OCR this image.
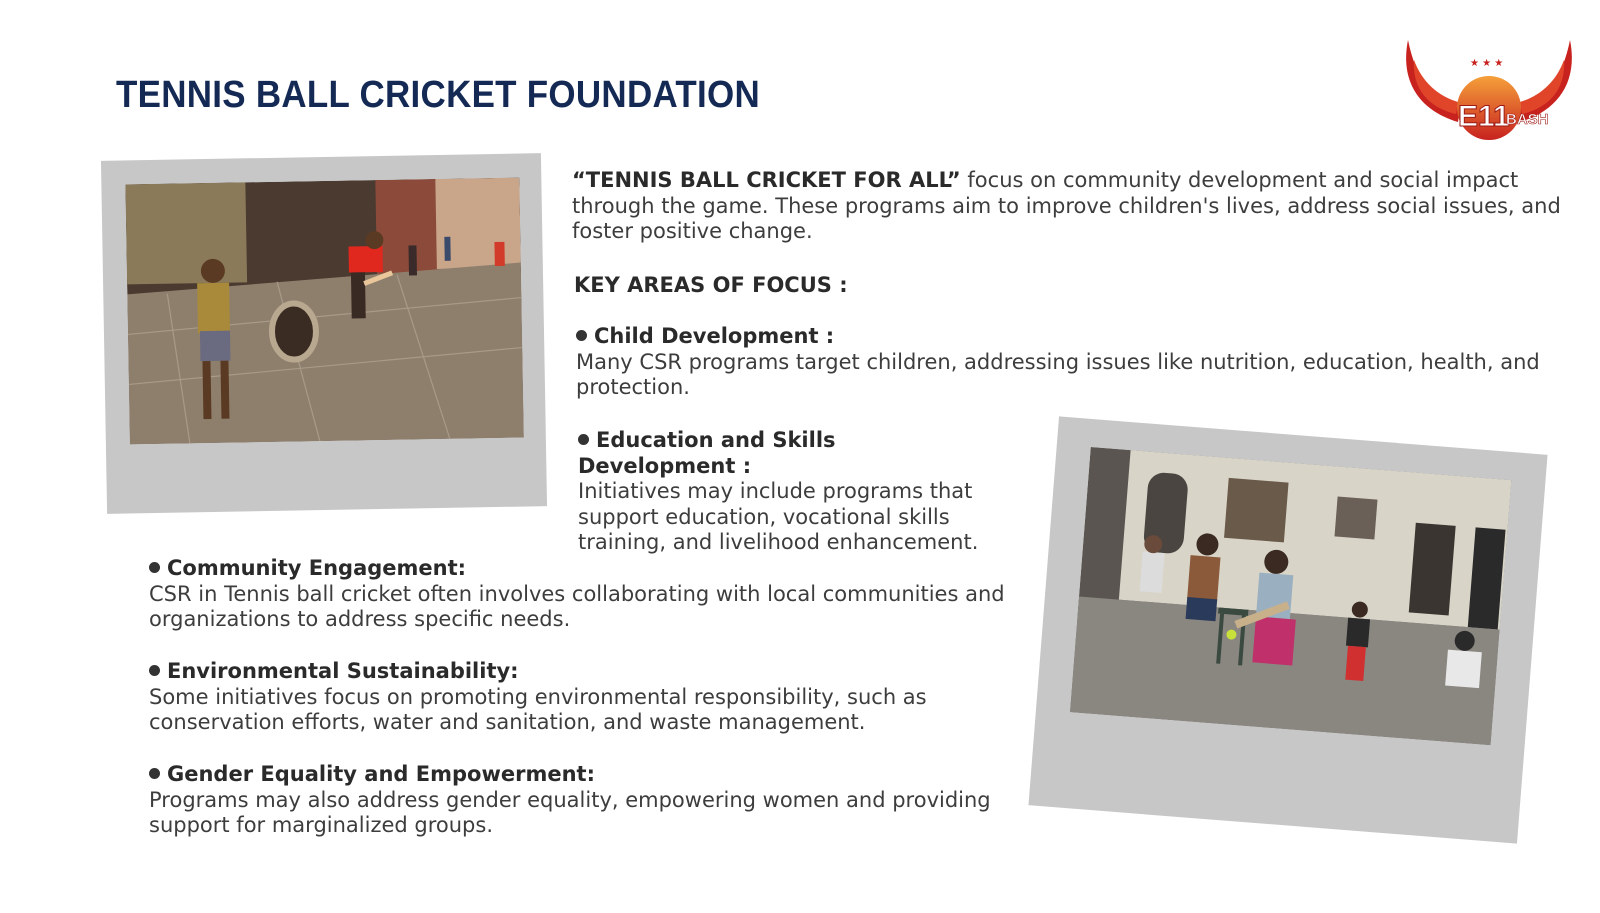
TENNIS BALL CRICKET FOUNDATION
★ ★ ★
E11
BASH
“TENNIS BALL CRICKET FOR ALL” focus on community development and social impact through the game. These programs aim to improve children's lives, address social issues, and foster positive change.
KEY AREAS OF FOCUS :
Child Development :
Many CSR programs target children, addressing issues like nutrition, education, health, and protection.
Education and Skills Development :
Initiatives may include programs that support education, vocational skills training, and livelihood enhancement.
Community Engagement:
CSR in Tennis ball cricket often involves collaborating with local communities and organizations to address specific needs.
Environmental Sustainability:
Some initiatives focus on promoting environmental responsibility, such as conservation efforts, water and sanitation, and waste management.
Gender Equality and Empowerment:
Programs may also address gender equality, empowering women and providing support for marginalized groups.
